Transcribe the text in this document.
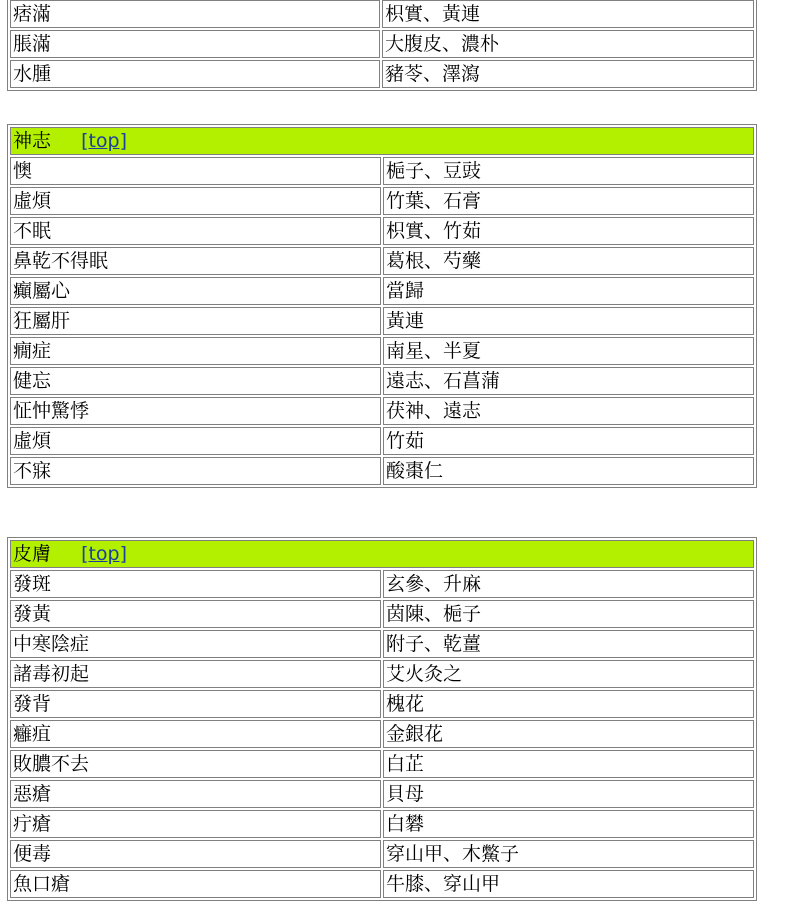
痞滿	枳實、黃連
脹滿	大腹皮、濃朴
水腫	豬苓、澤瀉
神志 [top]	
懊	梔子、豆豉
虛煩	竹葉、石膏
不眠	枳實、竹茹
鼻乾不得眠	葛根、芍藥
癲屬心	當歸
狂屬肝	黃連
癇症	南星、半夏
健忘	遠志、石菖蒲
怔忡驚悸	茯神、遠志
虛煩	竹茹
不寐	酸棗仁
皮膚 [top]	
發斑	玄參、升麻
發黃	茵陳、梔子
中寒陰症	附子、乾薑
諸毒初起	艾火灸之
發背	槐花
癰疽	金銀花
敗膿不去	白芷
惡瘡	貝母
疔瘡	白礬
便毒	穿山甲、木鱉子
魚口瘡	牛膝、穿山甲
